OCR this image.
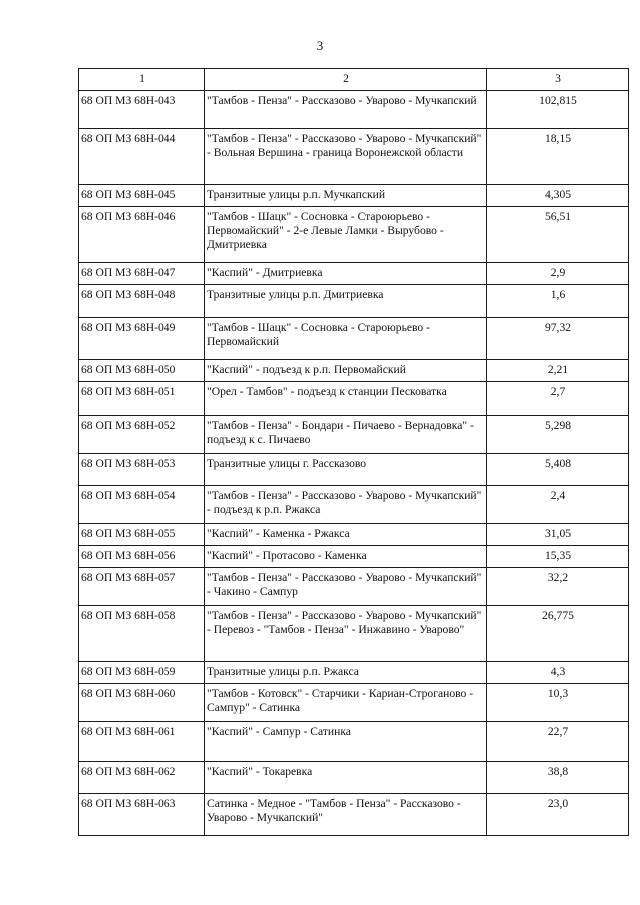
3
1	2	3
68 ОП МЗ 68Н-043	"Тамбов - Пенза" - Рассказово - Уварово - Мучкапский	102,815
68 ОП МЗ 68Н-044	"Тамбов - Пенза" - Рассказово - Уварово - Мучкапский" - Вольная Вершина - граница Воронежской области	18,15
68 ОП МЗ 68Н-045	Транзитные улицы р.п. Мучкапский	4,305
68 ОП МЗ 68Н-046	"Тамбов - Шацк" - Сосновка - Староюрьево - Первомайский" - 2-е Левые Ламки - Вырубово - Дмитриевка	56,51
68 ОП МЗ 68Н-047	"Каспий" - Дмитриевка	2,9
68 ОП МЗ 68Н-048	Транзитные улицы р.п. Дмитриевка	1,6
68 ОП МЗ 68Н-049	"Тамбов - Шацк" - Сосновка - Староюрьево - Первомайский	97,32
68 ОП МЗ 68Н-050	"Каспий" - подъезд к р.п. Первомайский	2,21
68 ОП МЗ 68Н-051	"Орел - Тамбов" - подъезд к станции Песковатка	2,7
68 ОП МЗ 68Н-052	"Тамбов - Пенза" - Бондари - Пичаево - Вернадовка" - подъезд к с. Пичаево	5,298
68 ОП МЗ 68Н-053	Транзитные улицы г. Рассказово	5,408
68 ОП МЗ 68Н-054	"Тамбов - Пенза" - Рассказово - Уварово - Мучкапский" - подъезд к р.п. Ржакса	2,4
68 ОП МЗ 68Н-055	"Каспий" - Каменка - Ржакса	31,05
68 ОП МЗ 68Н-056	"Каспий" - Протасово - Каменка	15,35
68 ОП МЗ 68Н-057	"Тамбов - Пенза" - Рассказово - Уварово - Мучкапский" - Чакино - Сампур	32,2
68 ОП МЗ 68Н-058	"Тамбов - Пенза" - Рассказово - Уварово - Мучкапский" - Перевоз - "Тамбов - Пенза" - Инжавино - Уварово"	26,775
68 ОП МЗ 68Н-059	Транзитные улицы р.п. Ржакса	4,3
68 ОП МЗ 68Н-060	"Тамбов - Котовск" - Старчики - Кариан-Строганово - Сампур" - Сатинка	10,3
68 ОП МЗ 68Н-061	"Каспий" - Сампур - Сатинка	22,7
68 ОП МЗ 68Н-062	"Каспий" - Токаревка	38,8
68 ОП МЗ 68Н-063	Сатинка - Медное - "Тамбов - Пенза" - Рассказово - Уварово - Мучкапский"	23,0
